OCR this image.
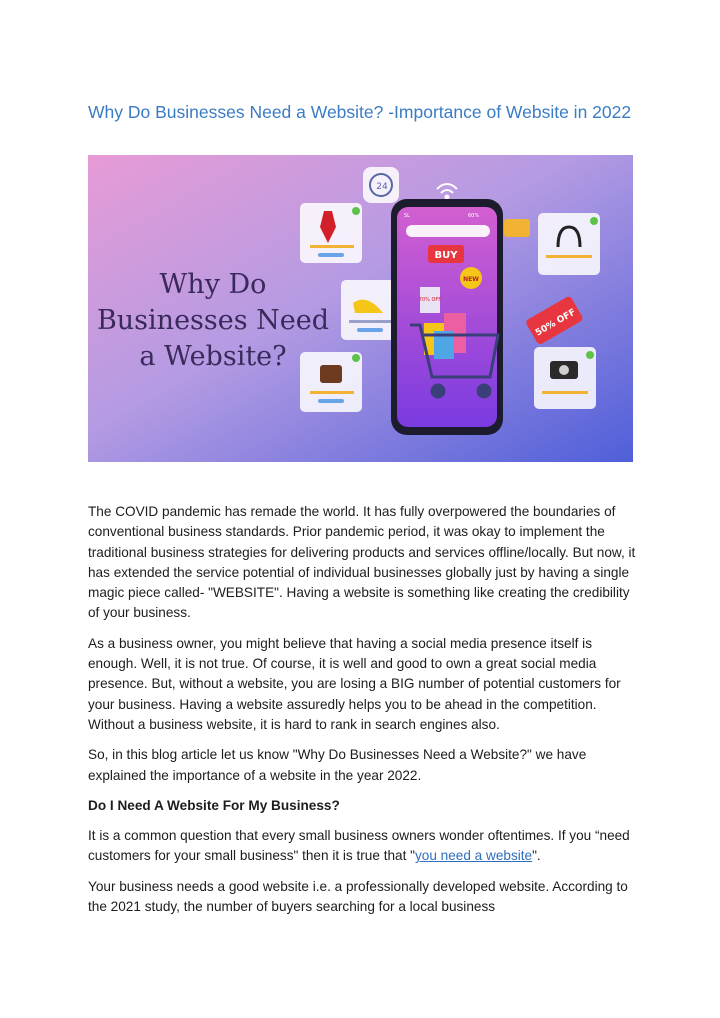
Why Do Businesses Need a Website? -Importance of Website in 2022
Why Do
Businesses Need
a Website?
24
SL	60%
BUY
NEW
70% OFF
50% OFF

The COVID pandemic has remade the world. It has fully overpowered the boundaries of conventional business standards. Prior pandemic period, it was okay to implement the traditional business strategies for delivering products and services offline/locally. But now, it has extended the service potential of individual businesses globally just by having a single magic piece called- "WEBSITE". Having a website is something like creating the credibility of your business.

As a business owner, you might believe that having a social media presence itself is enough. Well, it is not true. Of course, it is well and good to own a great social media presence. But, without a website, you are losing a BIG number of potential customers for your business. Having a website assuredly helps you to be ahead in the competition. Without a business website, it is hard to rank in search engines also.

So, in this blog article let us know "Why Do Businesses Need a Website?" we have explained the importance of a website in the year 2022.

Do I Need A Website For My Business?

It is a common question that every small business owners wonder oftentimes. If you “need customers for your small business" then it is true that "you need a website".

Your business needs a good website i.e. a professionally developed website. According to the 2021 study, the number of buyers searching for a local business
